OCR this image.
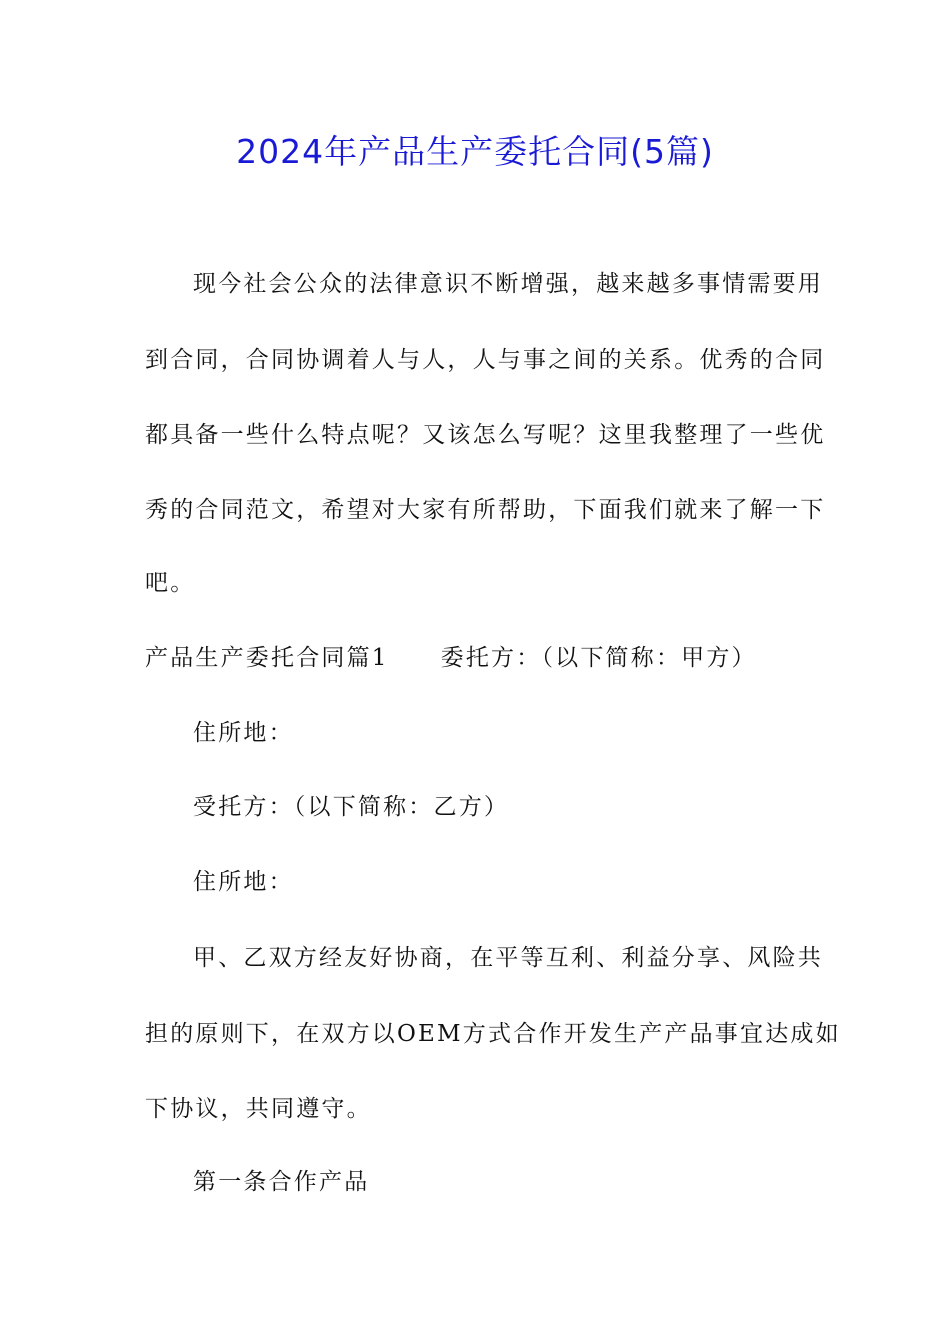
2024年产品生产委托合同(5篇)
现今社会公众的法律意识不断增强，越来越多事情需要用
到合同，合同协调着人与人，人与事之间的关系。优秀的合同
都具备一些什么特点呢？又该怎么写呢？这里我整理了一些优
秀的合同范文，希望对大家有所帮助，下面我们就来了解一下
吧。
产品生产委托合同篇1 委托方：（以下简称：甲方）
住所地：
受托方：（以下简称：乙方）
住所地：
甲、乙双方经友好协商，在平等互利、利益分享、风险共
担的原则下，在双方以OEM方式合作开发生产产品事宜达成如
下协议，共同遵守。
第一条合作产品
